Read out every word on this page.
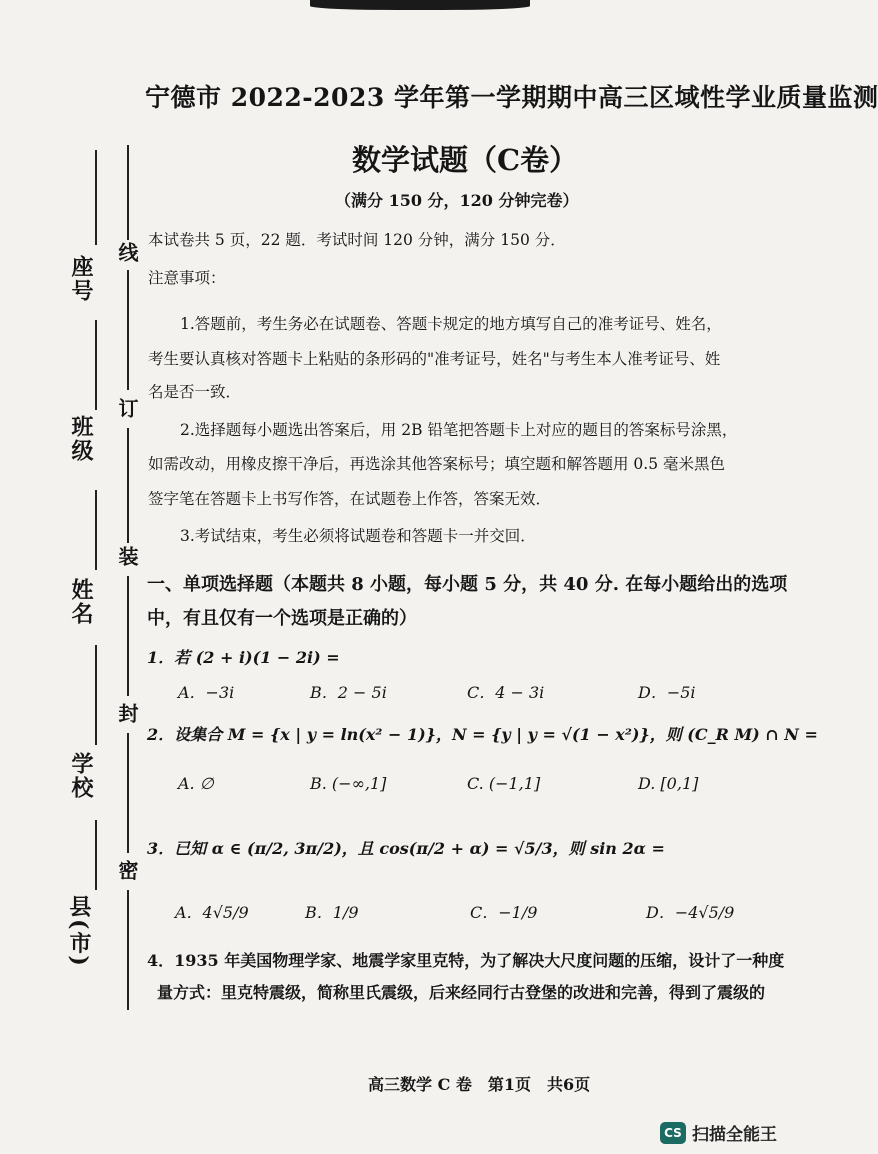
宁德市 2022-2023 学年第一学期期中高三区域性学业质量监测
数学试题（C卷）
（满分 150 分，120 分钟完卷）
本试卷共 5 页，22 题．考试时间 120 分钟，满分 150 分．
注意事项：
1.答题前，考生务必在试题卷、答题卡规定的地方填写自己的准考证号、姓名，
考生要认真核对答题卡上粘贴的条形码的"准考证号，姓名"与考生本人准考证号、姓
名是否一致．
2.选择题每小题选出答案后，用 2B 铅笔把答题卡上对应的题目的答案标号涂黑，
如需改动，用橡皮擦干净后，再选涂其他答案标号；填空题和解答题用 0.5 毫米黑色
签字笔在答题卡上书写作答，在试题卷上作答，答案无效．
3.考试结束，考生必须将试题卷和答题卡一并交回．
一、单项选择题（本题共 8 小题，每小题 5 分，共 40 分. 在每小题给出的选项
中，有且仅有一个选项是正确的）
1．若 (2 + i)(1 − 2i) =
A．−3i	B．2 − 5i	C．4 − 3i	D．−5i
2．设集合 M = {x | y = ln(x² − 1)}，N = {y | y = √(1 − x²)}，则 (C_R M) ∩ N =
A. ∅	B. (−∞,1]	C. (−1,1]	D. [0,1]
3．已知 α ∈ (π/2, 3π/2)，且 cos(π/2 + α) = √5/3，则 sin 2α =
A．4√5/9	B．1/9	C．−1/9	D．−4√5/9
4．1935 年美国物理学家、地震学家里克特，为了解决大尺度问题的压缩，设计了一种度
量方式：里克特震级，简称里氏震级，后来经同行古登堡的改进和完善，得到了震级的
线
订
装
封
密
座号
班级
姓名
学校
县(市)
高三数学 C 卷　第1页　共6页
CS 扫描全能王
